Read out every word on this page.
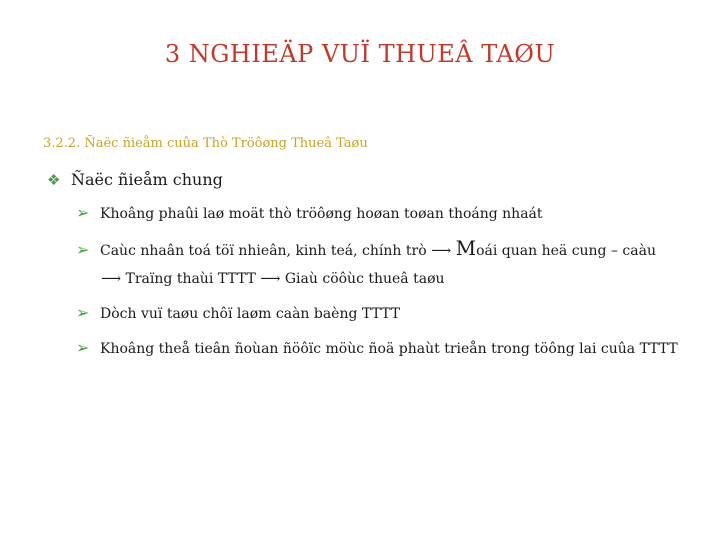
3 NGHIEÄP VUÏ THUEÂ TAØU
3.2.2. Ñaëc ñieåm cuûa Thò Tröôøng Thueâ Taøu
❖ Ñaëc ñieåm chung
➢ Khoâng phaûi laø moät thò tröôøng hoøan toøan thoáng nhaát
➢ Caùc nhaân toá töï nhieân, kinh teá, chính trò ⟶ Moái quan heä cung – caàu
⟶ Traïng thaùi TTTT ⟶ Giaù cöôùc thueâ taøu
➢ Dòch vuï taøu chôï laøm caàn baèng TTTT
➢ Khoâng theå tieân ñoùan ñöôïc möùc ñoä phaùt trieån trong töông lai cuûa TTTT
